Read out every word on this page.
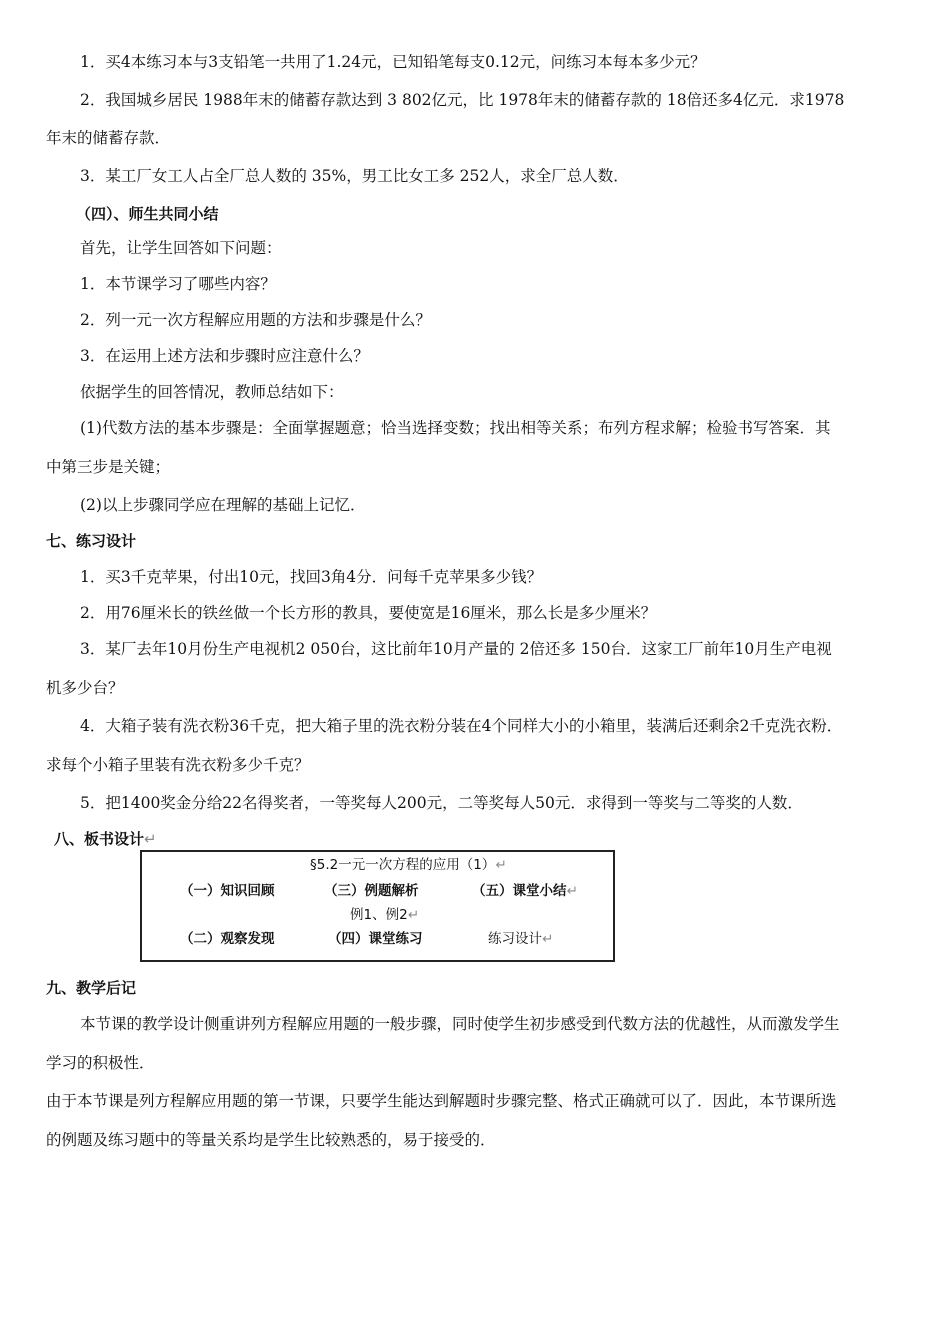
1．买4本练习本与3支铅笔一共用了1.24元，已知铅笔每支0.12元，问练习本每本多少元？
2．我国城乡居民 1988年末的储蓄存款达到 3 802亿元，比 1978年末的储蓄存款的 18倍还多4亿元．求1978
年末的储蓄存款．
3．某工厂女工人占全厂总人数的 35%，男工比女工多 252人，求全厂总人数．
（四）、师生共同小结
首先，让学生回答如下问题：
1．本节课学习了哪些内容？
2．列一元一次方程解应用题的方法和步骤是什么？
3．在运用上述方法和步骤时应注意什么？
依据学生的回答情况，教师总结如下：
(1)代数方法的基本步骤是：全面掌握题意；恰当选择变数；找出相等关系；布列方程求解；检验书写答案．其
中第三步是关键；
(2)以上步骤同学应在理解的基础上记忆．
七、练习设计
1．买3千克苹果，付出10元，找回3角4分．问每千克苹果多少钱？
2．用76厘米长的铁丝做一个长方形的教具，要使宽是16厘米，那么长是多少厘米？
3．某厂去年10月份生产电视机2 050台，这比前年10月产量的 2倍还多 150台．这家工厂前年10月生产电视
机多少台？
4．大箱子装有洗衣粉36千克，把大箱子里的洗衣粉分装在4个同样大小的小箱里，装满后还剩余2千克洗衣粉．
求每个小箱子里装有洗衣粉多少千克？
5．把1400奖金分给22名得奖者，一等奖每人200元，二等奖每人50元．求得到一等奖与二等奖的人数．
八、板书设计↵
§5.2一元一次方程的应用（1）↵
（一）知识回顾	（三）例题解析	（五）课堂小结↵
例1、例2↵
（二）观察发现	（四）课堂练习	练习设计↵
九、教学后记
本节课的教学设计侧重讲列方程解应用题的一般步骤，同时使学生初步感受到代数方法的优越性，从而激发学生
学习的积极性．
由于本节课是列方程解应用题的第一节课，只要学生能达到解题时步骤完整、格式正确就可以了．因此，本节课所选
的例题及练习题中的等量关系均是学生比较熟悉的，易于接受的．
